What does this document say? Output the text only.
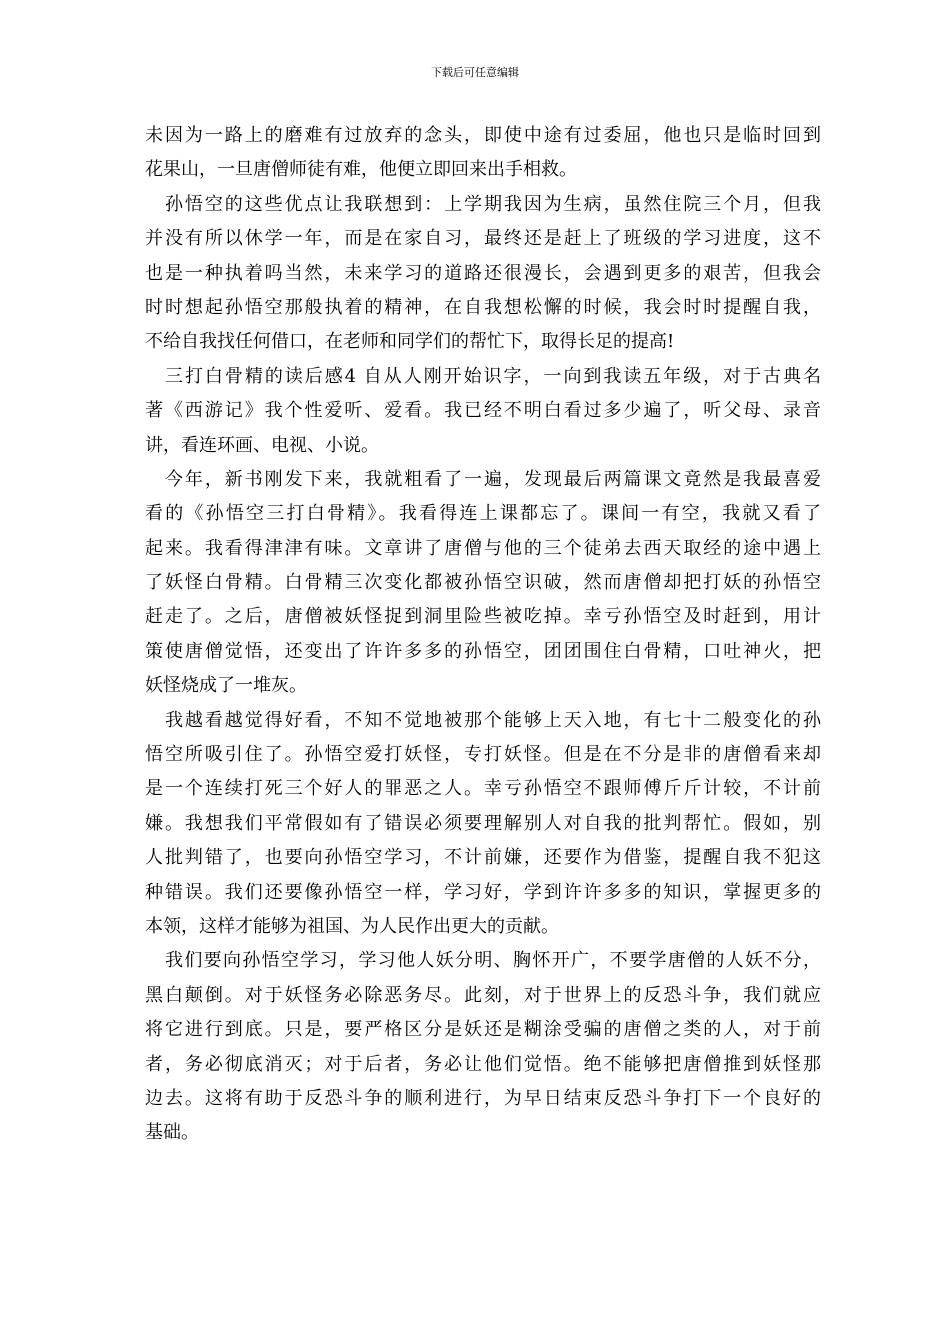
下载后可任意编辑
未因为一路上的磨难有过放弃的念头，即使中途有过委屈，他也只是临时回到
花果山，一旦唐僧师徒有难，他便立即回来出手相救。
孙悟空的这些优点让我联想到：上学期我因为生病，虽然住院三个月，但我
并没有所以休学一年，而是在家自习，最终还是赶上了班级的学习进度，这不
也是一种执着吗当然，未来学习的道路还很漫长，会遇到更多的艰苦，但我会
时时想起孙悟空那般执着的精神，在自我想松懈的时候，我会时时提醒自我，
不给自我找任何借口，在老师和同学们的帮忙下，取得长足的提高!
三打白骨精的读后感4 自从人刚开始识字，一向到我读五年级，对于古典名
著《西游记》我个性爱听、爱看。我已经不明白看过多少遍了，听父母、录音
讲，看连环画、电视、小说。
今年，新书刚发下来，我就粗看了一遍，发现最后两篇课文竟然是我最喜爱
看的《孙悟空三打白骨精》。我看得连上课都忘了。课间一有空，我就又看了
起来。我看得津津有味。文章讲了唐僧与他的三个徒弟去西天取经的途中遇上
了妖怪白骨精。白骨精三次变化都被孙悟空识破，然而唐僧却把打妖的孙悟空
赶走了。之后，唐僧被妖怪捉到洞里险些被吃掉。幸亏孙悟空及时赶到，用计
策使唐僧觉悟，还变出了许许多多的孙悟空，团团围住白骨精，口吐神火，把
妖怪烧成了一堆灰。
我越看越觉得好看，不知不觉地被那个能够上天入地，有七十二般变化的孙
悟空所吸引住了。孙悟空爱打妖怪，专打妖怪。但是在不分是非的唐僧看来却
是一个连续打死三个好人的罪恶之人。幸亏孙悟空不跟师傅斤斤计较，不计前
嫌。我想我们平常假如有了错误必须要理解别人对自我的批判帮忙。假如，别
人批判错了，也要向孙悟空学习，不计前嫌，还要作为借鉴，提醒自我不犯这
种错误。我们还要像孙悟空一样，学习好，学到许许多多的知识，掌握更多的
本领，这样才能够为祖国、为人民作出更大的贡献。
我们要向孙悟空学习，学习他人妖分明、胸怀开广，不要学唐僧的人妖不分，
黑白颠倒。对于妖怪务必除恶务尽。此刻，对于世界上的反恐斗争，我们就应
将它进行到底。只是，要严格区分是妖还是糊涂受骗的唐僧之类的人，对于前
者，务必彻底消灭；对于后者，务必让他们觉悟。绝不能够把唐僧推到妖怪那
边去。这将有助于反恐斗争的顺利进行，为早日结束反恐斗争打下一个良好的
基础。
